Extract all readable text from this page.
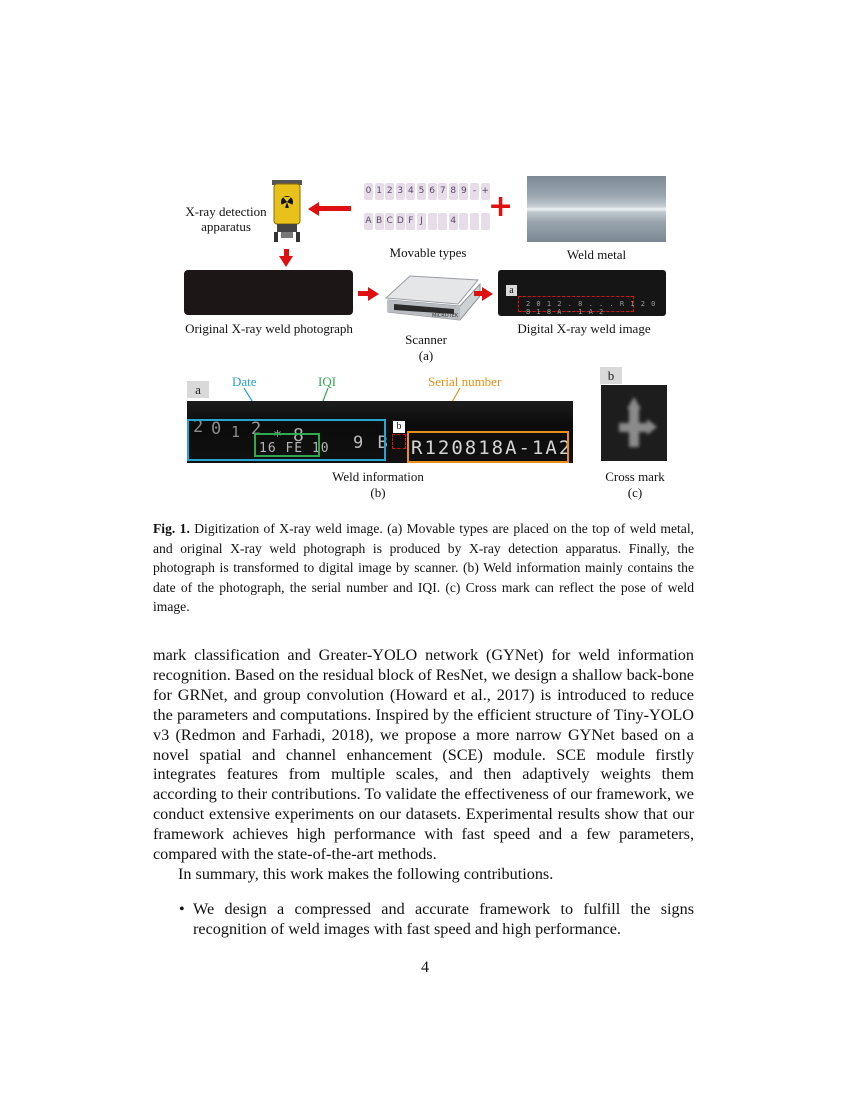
X-ray detection
apparatus
0 1 2 3 4 5 6 7 8 9 - +
A B C D F J	4
Movable types
+
Weld metal
Original X-ray weld photograph
MICROTEK
Scanner
(a)
a
2 0 1 2 . 8 . . . R 1 2 0 8 1 8 A - 1 A 2
Digital X-ray weld image
a
Date	IQI	Serial number
2 0 1 2 * 8
16 FE 10 9 B R120818A-1A2
b
Weld information
(b)
b
Cross mark
(c)
Fig. 1. Digitization of X-ray weld image. (a) Movable types are placed on the top of weld metal, and original X-ray weld photograph is produced by X-ray detection apparatus. Finally, the photograph is transformed to digital image by scanner. (b) Weld information mainly contains the date of the photograph, the serial number and IQI. (c) Cross mark can reflect the pose of weld image.
mark classification and Greater-YOLO network (GYNet) for weld information recognition. Based on the residual block of ResNet, we design a shallow back-bone for GRNet, and group convolution (Howard et al., 2017) is introduced to reduce the parameters and computations. Inspired by the efficient structure of Tiny-YOLO v3 (Redmon and Farhadi, 2018), we propose a more narrow GYNet based on a novel spatial and channel enhancement (SCE) module. SCE module firstly integrates features from multiple scales, and then adaptively weights them according to their contributions. To validate the effectiveness of our framework, we conduct extensive experiments on our datasets. Experimental results show that our framework achieves high performance with fast speed and a few parameters, compared with the state-of-the-art methods.
In summary, this work makes the following contributions.
• We design a compressed and accurate framework to fulfill the signs recognition of weld images with fast speed and high performance.
4
